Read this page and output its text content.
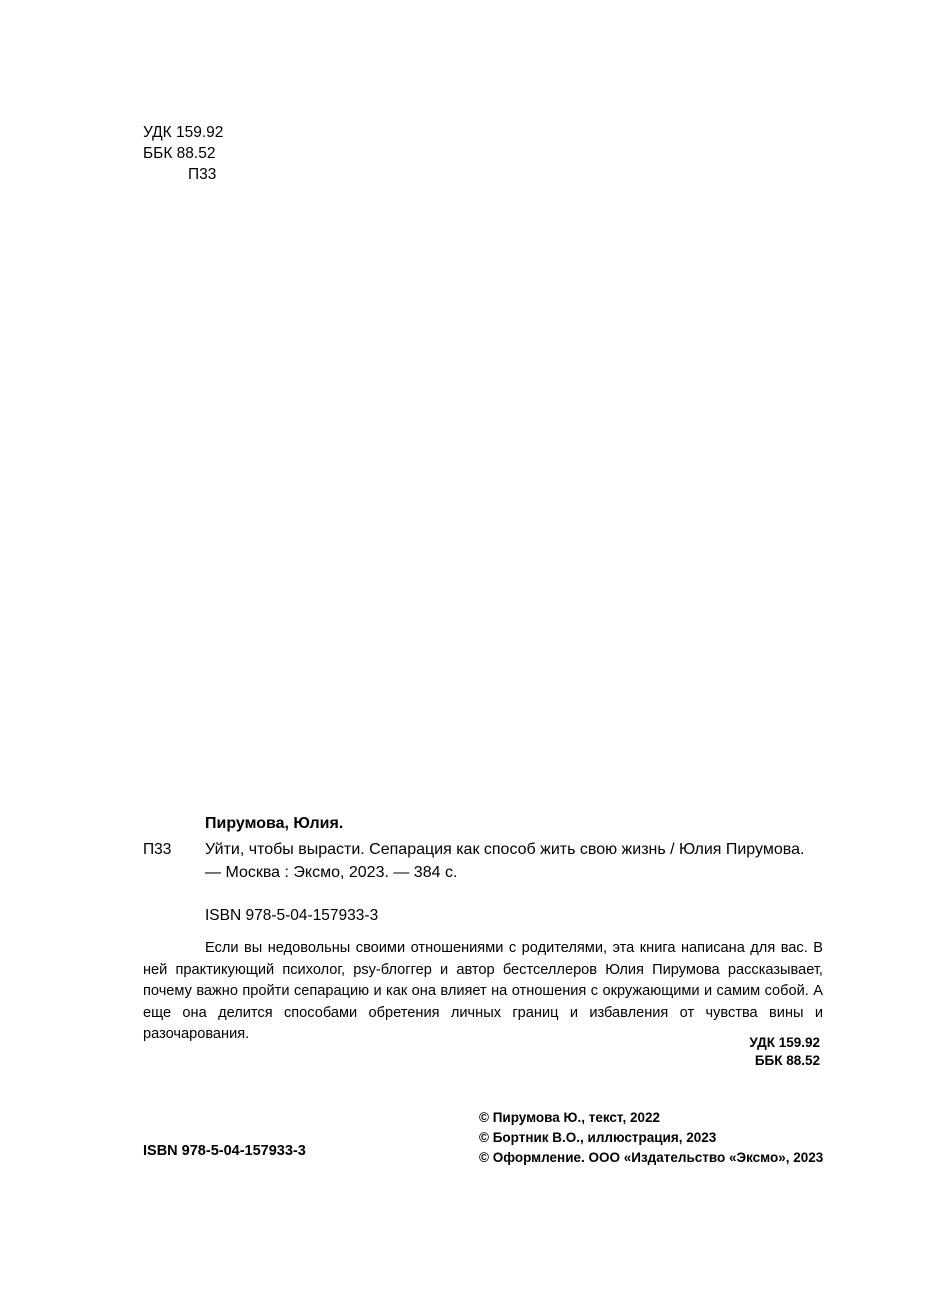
УДК 159.92
ББК 88.52
П33
Пирумова, Юлия.
П33 Уйти, чтобы вырасти. Сепарация как способ жить свою жизнь / Юлия Пирумова. — Москва : Эксмо, 2023. — 384 с.
ISBN 978-5-04-157933-3
Если вы недовольны своими отношениями с родителями, эта книга написана для вас. В ней практикующий психолог, psy-блоггер и автор бестселлеров Юлия Пирумова рассказывает, почему важно пройти сепарацию и как она влияет на отношения с окружающими и самим собой. А еще она делится способами обретения личных границ и избавления от чувства вины и разочарования.
УДК 159.92
ББК 88.52
© Пирумова Ю., текст, 2022
© Бортник В.О., иллюстрация, 2023
© Оформление. ООО «Издательство «Эксмо», 2023
ISBN 978-5-04-157933-3
